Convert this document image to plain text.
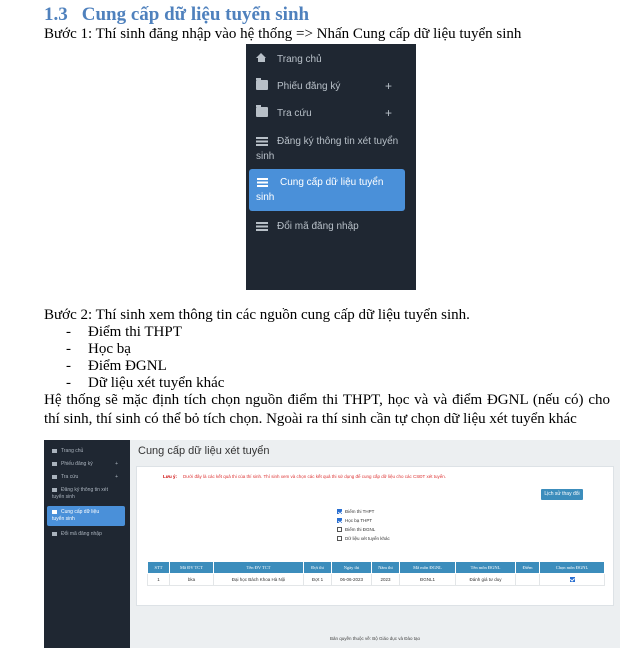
1.3 Cung cấp dữ liệu tuyển sinh
Bước 1: Thí sinh đăng nhập vào hệ thống => Nhấn Cung cấp dữ liệu tuyển sinh
Trang chủ
Phiếu đăng ký	+
Tra cứu	+
Đăng ký thông tin xét tuyển sinh
Cung cấp dữ liệu tuyển sinh
Đổi mã đăng nhập
Bước 2: Thí sinh xem thông tin các nguồn cung cấp dữ liệu tuyển sinh.
- Điểm thi THPT
- Học bạ
- Điểm ĐGNL
- Dữ liệu xét tuyển khác
Hệ thống sẽ mặc định tích chọn nguồn điểm thi THPT, học và và điểm ĐGNL (nếu có) cho thí sinh, thí sinh có thể bỏ tích chọn. Ngoài ra thí sinh cần tự chọn dữ liệu xét tuyển khác
Trang chủ
Phiếu đăng ký	+
Tra cứu	+
Đăng ký thông tin xét tuyển sinh
Cung cấp dữ liệu tuyển sinh
Đổi mã đăng nhập
Cung cấp dữ liệu xét tuyển
Lưu ý: Dưới đây là các kết quả thi của thí sinh. Thí sinh xem và chọn các kết quả thi sử dụng để cung cấp dữ liệu cho các CSĐT xét tuyển.
Lịch sử thay đổi
Điểm thi THPT
Học bạ THPT
Điểm thi ĐGNL
Dữ liệu xét tuyển khác
STT	Mã ĐV TCT	Tên ĐV TCT	Đợt thi	Ngày thi	Năm thi	Mã môn ĐGNL	Tên môn ĐGNL	Điểm	Chọn môn ĐGNL
1	bka	Đại học Bách Khoa Hà Nội	Đợt 1	06-06-2023	2023	ĐGNL1	Đánh giá tư duy		
Bản quyền thuộc về: Bộ Giáo dục và Đào tạo
